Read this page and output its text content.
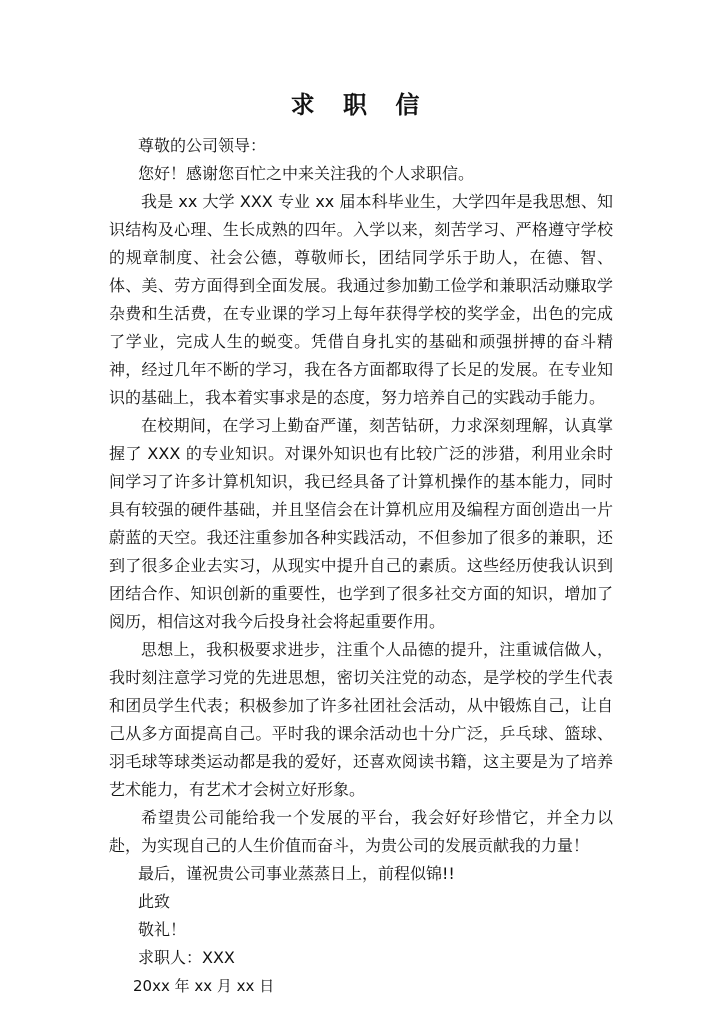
求 职 信

尊敬的公司领导：

您好！感谢您百忙之中来关注我的个人求职信。

我是 xx 大学 XXX 专业 xx 届本科毕业生，大学四年是我思想、知识结构及心理、生长成熟的四年。入学以来，刻苦学习、严格遵守学校的规章制度、社会公德，尊敬师长，团结同学乐于助人，在德、智、体、美、劳方面得到全面发展。我通过参加勤工俭学和兼职活动赚取学杂费和生活费，在专业课的学习上每年获得学校的奖学金，出色的完成了学业，完成人生的蜕变。凭借自身扎实的基础和顽强拼搏的奋斗精神，经过几年不断的学习，我在各方面都取得了长足的发展。在专业知识的基础上，我本着实事求是的态度，努力培养自己的实践动手能力。

在校期间，在学习上勤奋严谨，刻苦钻研，力求深刻理解，认真掌握了 XXX 的专业知识。对课外知识也有比较广泛的涉猎，利用业余时间学习了许多计算机知识，我已经具备了计算机操作的基本能力，同时具有较强的硬件基础，并且坚信会在计算机应用及编程方面创造出一片蔚蓝的天空。我还注重参加各种实践活动，不但参加了很多的兼职，还到了很多企业去实习，从现实中提升自己的素质。这些经历使我认识到团结合作、知识创新的重要性，也学到了很多社交方面的知识，增加了阅历，相信这对我今后投身社会将起重要作用。

思想上，我积极要求进步，注重个人品德的提升，注重诚信做人，我时刻注意学习党的先进思想，密切关注党的动态，是学校的学生代表和团员学生代表；积极参加了许多社团社会活动，从中锻炼自己，让自己从多方面提高自己。平时我的课余活动也十分广泛，乒乓球、篮球、羽毛球等球类运动都是我的爱好，还喜欢阅读书籍，这主要是为了培养艺术能力，有艺术才会树立好形象。

希望贵公司能给我一个发展的平台，我会好好珍惜它，并全力以赴，为实现自己的人生价值而奋斗，为贵公司的发展贡献我的力量！

最后，谨祝贵公司事业蒸蒸日上，前程似锦!!

此致

敬礼！

求职人：XXX

20xx 年 xx 月 xx 日
